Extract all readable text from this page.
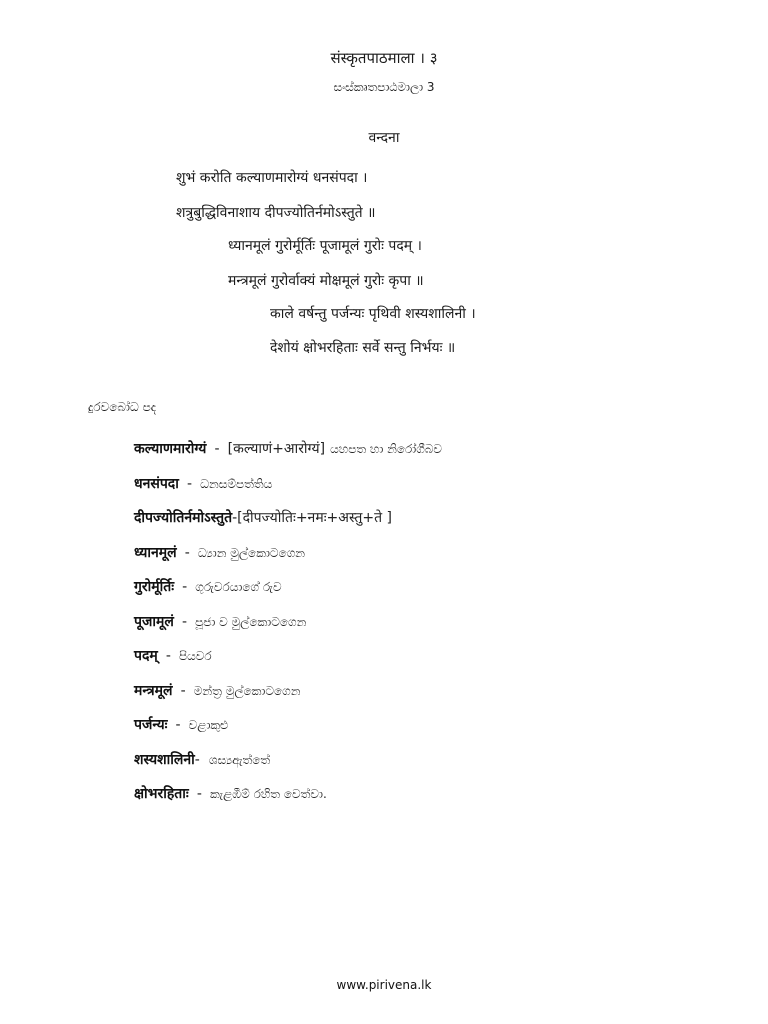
संस्कृतपाठमाला । ३
සංස්කෘතපාඨමාලා 3
वन्दना
शुभं करोति कल्याणमारोग्यं धनसंपदा ।
शत्रुबुद्धिविनाशाय दीपज्योतिर्नमोऽस्तुते ॥
ध्यानमूलं गुरोर्मूर्तिः पूजामूलं गुरोः पदम् ।
मन्त्रमूलं गुरोर्वाक्यं मोक्षमूलं गुरोः कृपा ॥
काले वर्षन्तु पर्जन्यः पृथिवी शस्यशालिनी ।
देशोयं क्षोभरहिताः सर्वे सन्तु निर्भयः ॥
දුරවබෝධ පද
कल्याणमारोग्यं - [कल्याणं+आरोग्यं] යහපත හා නිරෝගීබව
धनसंपदा - ධනසම්පත්තිය
दीपज्योतिर्नमोऽस्तुते-[दीपज्योतिः+नमः+अस्तु+ते ]
ध्यानमूलं - ධ්‍යාන මුල්කොටගෙන
गुरोर्मूर्तिः - ගුරුවරයාගේ රුව
पूजामूलं - පූජා ව මුල්කොටගෙන
पदम् - පියවර
मन्त्रमूलं - මන්ත්‍ර මුල්කොටගෙන
पर्जन्यः - වළාකුළු
शस्यशालिनी- ශස්‍යඇත්තේ
क्षोभरहिताः - කැළඹීම් රහිත වෙත්වා.
www.pirivena.lk
